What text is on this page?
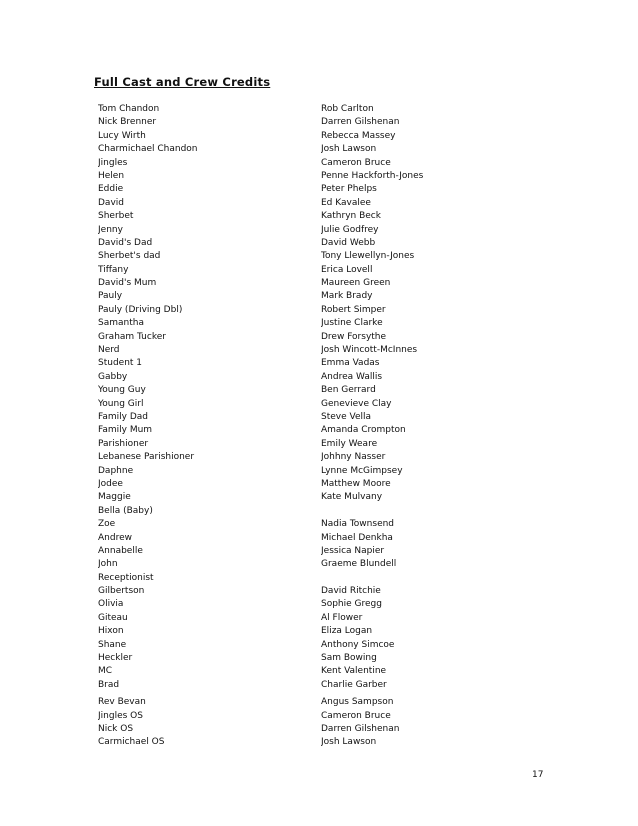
Full Cast and Crew Credits
Tom Chandon	Rob Carlton
Nick Brenner	Darren Gilshenan
Lucy Wirth	Rebecca Massey
Charmichael Chandon	Josh Lawson
Jingles	Cameron Bruce
Helen	Penne Hackforth-Jones
Eddie	Peter Phelps
David	Ed Kavalee
Sherbet	Kathryn Beck
Jenny	Julie Godfrey
David's Dad	David Webb
Sherbet's dad	Tony Llewellyn-Jones
Tiffany	Erica Lovell
David's Mum	Maureen Green
Pauly	Mark Brady
Pauly (Driving Dbl)	Robert Simper
Samantha	Justine Clarke
Graham Tucker	Drew Forsythe
Nerd	Josh Wincott-McInnes
Student 1	Emma Vadas
Gabby	Andrea Wallis
Young Guy	Ben Gerrard
Young Girl	Genevieve Clay
Family Dad	Steve Vella
Family Mum	Amanda Crompton
Parishioner	Emily Weare
Lebanese Parishioner	Johhny Nasser
Daphne	Lynne McGimpsey
Jodee	Matthew Moore
Maggie	Kate Mulvany
Bella (Baby)
Zoe	Nadia Townsend
Andrew	Michael Denkha
Annabelle	Jessica Napier
John	Graeme Blundell
Receptionist
Gilbertson	David Ritchie
Olivia	Sophie Gregg
Giteau	Al Flower
Hixon	Eliza Logan
Shane	Anthony Simcoe
Heckler	Sam Bowing
MC	Kent Valentine
Brad	Charlie Garber
Rev Bevan	Angus Sampson
Jingles OS	Cameron Bruce
Nick OS	Darren Gilshenan
Carmichael OS	Josh Lawson
17
